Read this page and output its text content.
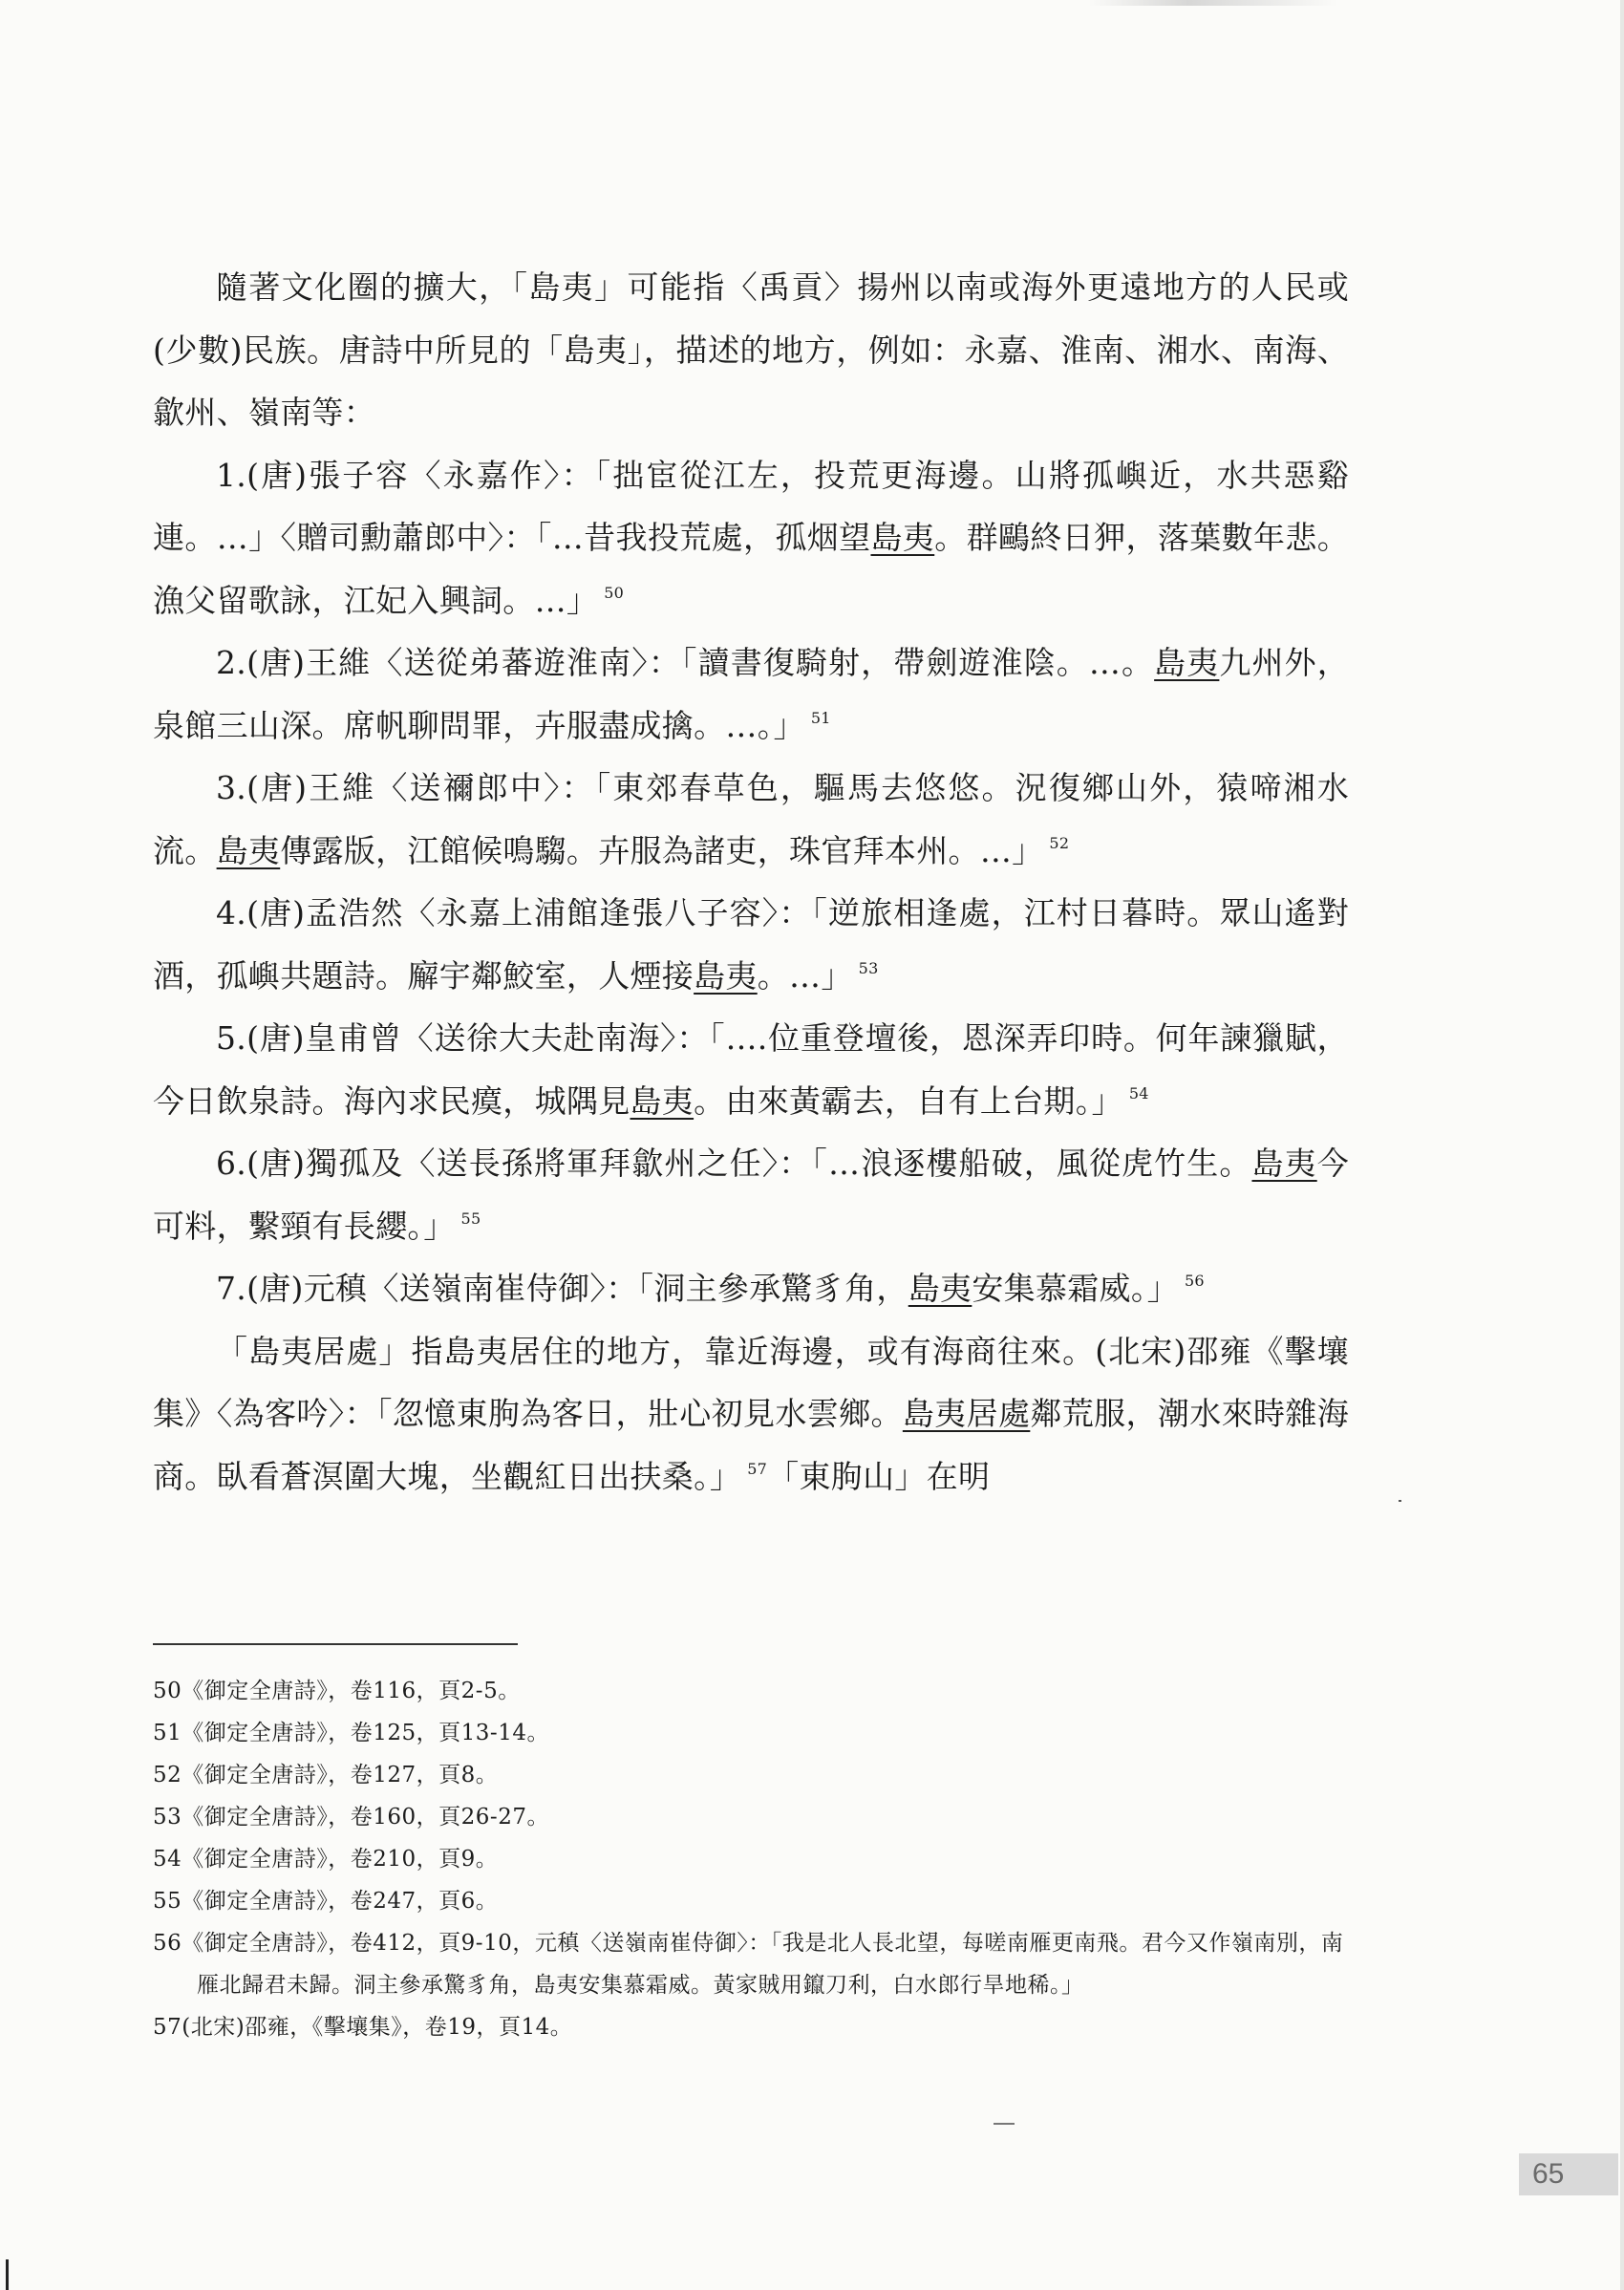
隨著文化圈的擴大，「島夷」可能指〈禹貢〉揚州以南或海外更遠地方的人民或(少數)民族。唐詩中所見的「島夷」，描述的地方，例如：永嘉、淮南、湘水、南海、歙州、嶺南等：

1.(唐)張子容〈永嘉作〉：「拙宦從江左，投荒更海邊。山將孤嶼近，水共惡谿連。…」〈贈司勳蕭郎中〉：「…昔我投荒處，孤烟望島夷。群鷗終日狎，落葉數年悲。漁父留歌詠，江妃入興詞。…」 $^{50}$

2.(唐)王維〈送從弟蕃遊淮南〉：「讀書復騎射，帶劍遊淮陰。…。島夷九州外，泉館三山深。席帆聊問罪，卉服盡成擒。…。」 $^{51}$

3.(唐)王維〈送禰郎中〉：「東郊春草色，驅馬去悠悠。況復鄉山外，猿啼湘水流。島夷傳露版，江館候鳴騶。卉服為諸吏，珠官拜本州。…」 $^{52}$

4.(唐)孟浩然〈永嘉上浦館逢張八子容〉：「逆旅相逢處，江村日暮時。眾山遙對酒，孤嶼共題詩。廨宇鄰鮫室，人煙接島夷。…」 $^{53}$

5.(唐)皇甫曾〈送徐大夫赴南海〉：「….位重登壇後，恩深弄印時。何年諫獵賦，今日飲泉詩。海內求民瘼，城隅見島夷。由來黃霸去，自有上台期。」 $^{54}$

6.(唐)獨孤及〈送長孫將軍拜歙州之任〉：「…浪逐樓船破，風從虎竹生。島夷今可料，繫頸有長纓。」 $^{55}$

7.(唐)元稹〈送嶺南崔侍御〉：「洞主參承驚豸角，島夷安集慕霜威。」 $^{56}$

「島夷居處」指島夷居住的地方，靠近海邊，或有海商往來。(北宋)邵雍《擊壤集》〈為客吟〉：「忽憶東朐為客日，壯心初見水雲鄉。島夷居處鄰荒服，潮水來時雜海商。臥看蒼溟圍大塊，坐觀紅日出扶桑。」 $^{57}$「東朐山」在明

50《御定全唐詩》，卷116，頁2-5。

51《御定全唐詩》，卷125，頁13-14。

52《御定全唐詩》，卷127，頁8。

53《御定全唐詩》，卷160，頁26-27。

54《御定全唐詩》，卷210，頁9。

55《御定全唐詩》，卷247，頁6。

56《御定全唐詩》，卷412，頁9-10，元稹〈送嶺南崔侍御〉：「我是北人長北望，每嗟南雁更南飛。君今又作嶺南別，南雁北歸君未歸。洞主參承驚豸角，島夷安集慕霜威。黃家賊用鑹刀利，白水郎行旱地稀。」

57(北宋)邵雍，《擊壤集》，卷19，頁14。

65
